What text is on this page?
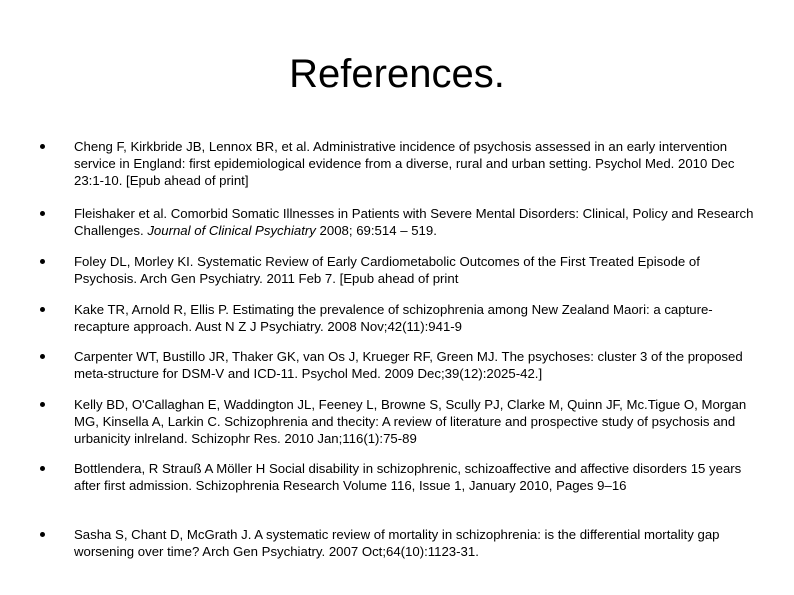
References.
Cheng F, Kirkbride JB, Lennox BR, et al. Administrative incidence of psychosis assessed in an early intervention service in England: first epidemiological evidence from a diverse, rural and urban setting. Psychol Med. 2010 Dec 23:1-10. [Epub ahead of print]
Fleishaker et al. Comorbid Somatic Illnesses in Patients with Severe Mental Disorders: Clinical, Policy and Research Challenges. Journal of Clinical Psychiatry 2008; 69:514 – 519.
Foley DL, Morley KI. Systematic Review of Early Cardiometabolic Outcomes of the First Treated Episode of Psychosis. Arch Gen Psychiatry. 2011 Feb 7. [Epub ahead of print
Kake TR, Arnold R, Ellis P. Estimating the prevalence of schizophrenia among New Zealand Maori: a capture-recapture approach. Aust N Z J Psychiatry. 2008 Nov;42(11):941-9
Carpenter WT, Bustillo JR, Thaker GK, van Os J, Krueger RF, Green MJ. The psychoses: cluster 3 of the proposed meta-structure for DSM-V and ICD-11. Psychol Med. 2009 Dec;39(12):2025-42.]
Kelly BD, O'Callaghan E, Waddington JL, Feeney L, Browne S, Scully PJ, Clarke M, Quinn JF, Mc.Tigue O, Morgan MG, Kinsella A, Larkin C. Schizophrenia and thecity: A review of literature and prospective study of psychosis and urbanicity inlreland. Schizophr Res. 2010 Jan;116(1):75-89
Bottlendera, R Strauß A Möller H Social disability in schizophrenic, schizoaffective and affective disorders 15 years after first admission. Schizophrenia Research Volume 116, Issue 1, January 2010, Pages 9–16
Sasha S, Chant D, McGrath J. A systematic review of mortality in schizophrenia: is the differential mortality gap worsening over time? Arch Gen Psychiatry. 2007 Oct;64(10):1123-31.
